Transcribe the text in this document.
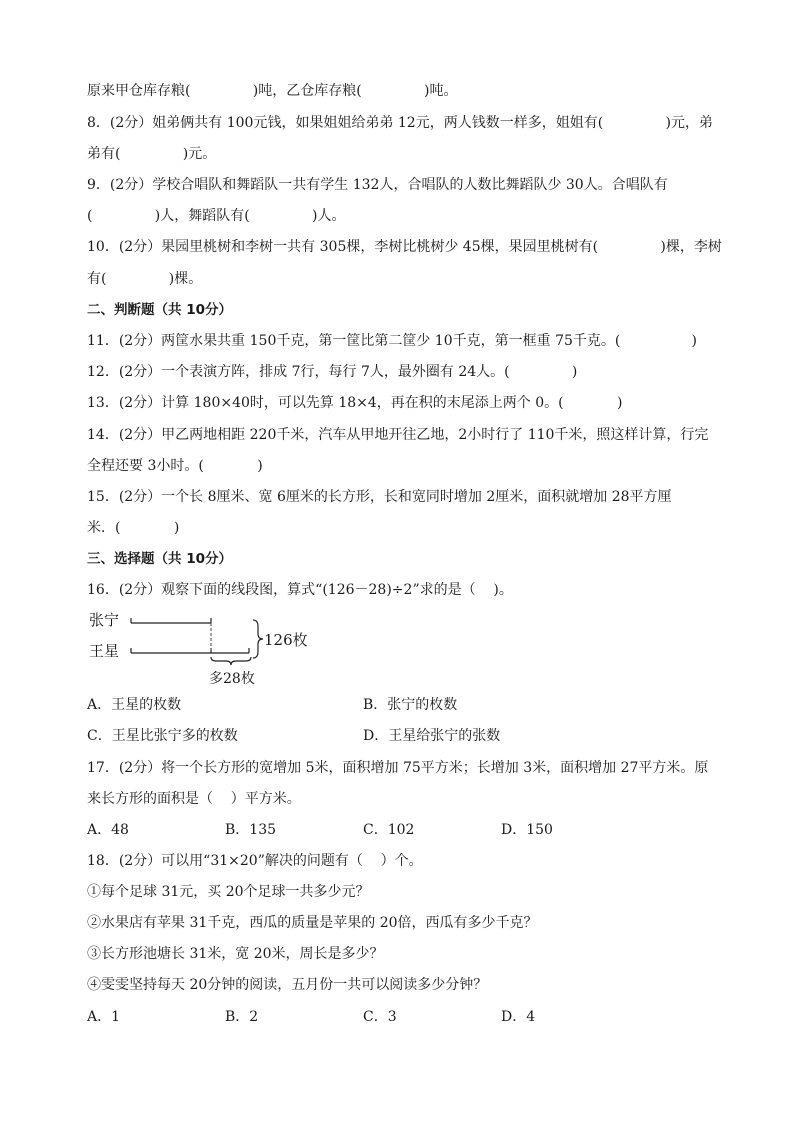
原来甲仓库存粮(              )吨，乙仓库存粮(              )吨。
8．(2分）姐弟俩共有 100元钱，如果姐姐给弟弟 12元，两人钱数一样多，姐姐有(              )元，弟
弟有(              )元。
9．(2分）学校合唱队和舞蹈队一共有学生 132人，合唱队的人数比舞蹈队少 30人。合唱队有
(              )人，舞蹈队有(              )人。
10．(2分）果园里桃树和李树一共有 305棵，李树比桃树少 45棵，果园里桃树有(              )棵，李树
有(              )棵。
二、判断题（共 10分）
11．(2分）两筐水果共重 150千克，第一筐比第二筐少 10千克，第一框重 75千克。(                )
12．(2分）一个表演方阵，排成 7行，每行 7人，最外圈有 24人。(              )
13．(2分）计算 180×40时，可以先算 18×4，再在积的末尾添上两个 0。(            )
14．(2分）甲乙两地相距 220千米，汽车从甲地开往乙地，2小时行了 110千米，照这样计算，行完
全程还要 3小时。(            )
15．(2分）一个长 8厘米、宽 6厘米的长方形，长和宽同时增加 2厘米，面积就增加 28平方厘
米．(            )
三、选择题（共 10分）
16．(2分）观察下面的线段图，算式“(126－28)÷2”求的是（    )。
张宁
王星
126枚
多28枚
A．王星的枚数	B．张宁的枚数
C．王星比张宁多的枚数	D．王星给张宁的张数
17．(2分）将一个长方形的宽增加 5米，面积增加 75平方米；长增加 3米，面积增加 27平方米。原
来长方形的面积是（    ）平方米。
A．48	B．135	C．102	D．150
18．(2分）可以用“31×20”解决的问题有（    ）个。
①每个足球 31元，买 20个足球一共多少元？
②水果店有苹果 31千克，西瓜的质量是苹果的 20倍，西瓜有多少千克？
③长方形池塘长 31米，宽 20米，周长是多少？
④雯雯坚持每天 20分钟的阅读，五月份一共可以阅读多少分钟？
A．1	B．2	C．3	D．4
